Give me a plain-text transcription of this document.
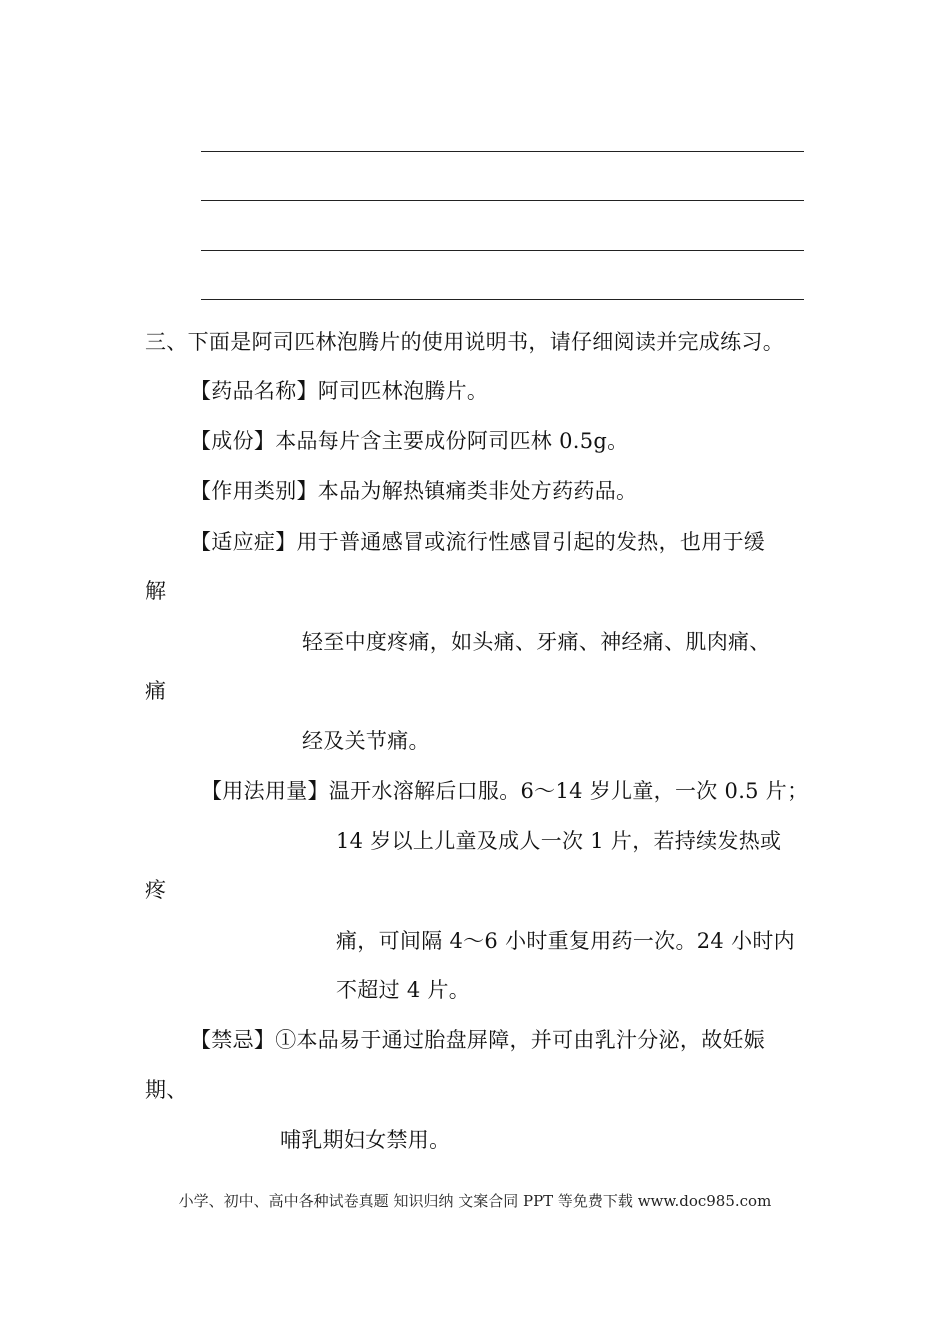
三、下面是阿司匹林泡腾片的使用说明书，请仔细阅读并完成练习。
【药品名称】阿司匹林泡腾片。
【成份】本品每片含主要成份阿司匹林 0.5g。
【作用类别】本品为解热镇痛类非处方药药品。
【适应症】用于普通感冒或流行性感冒引起的发热，也用于缓
解
轻至中度疼痛，如头痛、牙痛、神经痛、肌肉痛、
痛
经及关节痛。
【用法用量】温开水溶解后口服。6～14 岁儿童，一次 0.5 片；
14 岁以上儿童及成人一次 1 片，若持续发热或
疼
痛，可间隔 4～6 小时重复用药一次。24 小时内
不超过 4 片。
【禁忌】①本品易于通过胎盘屏障，并可由乳汁分泌，故妊娠
期、
哺乳期妇女禁用。
小学、初中、高中各种试卷真题 知识归纳 文案合同 PPT 等免费下载 www.doc985.com
